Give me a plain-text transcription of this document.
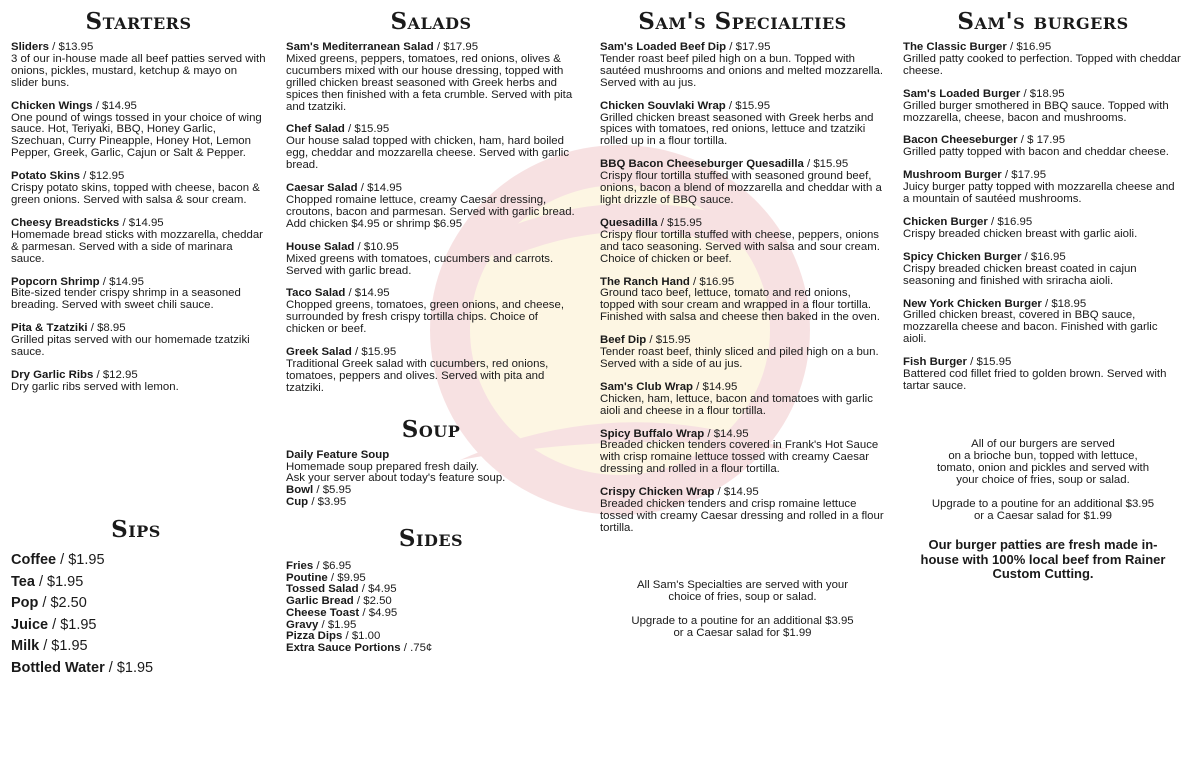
Starters
Sliders / $13.95
3 of our in-house made all beef patties served with onions, pickles, mustard, ketchup & mayo on slider buns.
Chicken Wings / $14.95
One pound of wings tossed in your choice of wing sauce. Hot, Teriyaki, BBQ, Honey Garlic, Szechuan, Curry Pineapple, Honey Hot, Lemon Pepper, Greek, Garlic, Cajun or Salt & Pepper.
Potato Skins / $12.95
Crispy potato skins, topped with cheese, bacon & green onions. Served with salsa & sour cream.
Cheesy Breadsticks / $14.95
Homemade bread sticks with mozzarella, cheddar & parmesan. Served with a side of marinara sauce.
Popcorn Shrimp / $14.95
Bite-sized tender crispy shrimp in a seasoned breading. Served with sweet chili sauce.
Pita & Tzatziki / $8.95
Grilled pitas served with our homemade tzatziki sauce.
Dry Garlic Ribs / $12.95
Dry garlic ribs served with lemon.
Sips
Coffee / $1.95
Tea / $1.95
Pop / $2.50
Juice / $1.95
Milk / $1.95
Bottled Water / $1.95
Salads
Sam's Mediterranean Salad / $17.95
Mixed greens, peppers, tomatoes, red onions, olives & cucumbers mixed with our house dressing, topped with grilled chicken breast seasoned with Greek herbs and spices then finished with a feta crumble. Served with pita and tzatziki.
Chef Salad / $15.95
Our house salad topped with chicken, ham, hard boiled egg, cheddar and mozzarella cheese. Served with garlic bread.
Caesar Salad / $14.95
Chopped romaine lettuce, creamy Caesar dressing, croutons, bacon and parmesan. Served with garlic bread. Add chicken $4.95 or shrimp $6.95
House Salad / $10.95
Mixed greens with tomatoes, cucumbers and carrots. Served with garlic bread.
Taco Salad / $14.95
Chopped greens, tomatoes, green onions, and cheese, surrounded by fresh crispy tortilla chips. Choice of chicken or beef.
Greek Salad / $15.95
Traditional Greek salad with cucumbers, red onions, tomatoes, peppers and olives. Served with pita and tzatziki.
Soup
Daily Feature Soup
Homemade soup prepared fresh daily.
Ask your server about today's feature soup.
Bowl / $5.95
Cup / $3.95
Sides
Fries / $6.95
Poutine / $9.95
Tossed Salad / $4.95
Garlic Bread / $2.50
Cheese Toast / $4.95
Gravy / $1.95
Pizza Dips / $1.00
Extra Sauce Portions / .75¢
Sam's Specialties
Sam's Loaded Beef Dip / $17.95
Tender roast beef piled high on a bun. Topped with sautéed mushrooms and onions and melted mozzarella. Served with au jus.
Chicken Souvlaki Wrap / $15.95
Grilled chicken breast seasoned with Greek herbs and spices with tomatoes, red onions, lettuce and tzatziki rolled up in a flour tortilla.
BBQ Bacon Cheeseburger Quesadilla / $15.95
Crispy flour tortilla stuffed with seasoned ground beef, onions, bacon a blend of mozzarella and cheddar with a light drizzle of BBQ sauce.
Quesadilla / $15.95
Crispy flour tortilla stuffed with cheese, peppers, onions and taco seasoning. Served with salsa and sour cream. Choice of chicken or beef.
The Ranch Hand / $16.95
Ground taco beef, lettuce, tomato and red onions, topped with sour cream and wrapped in a flour tortilla. Finished with salsa and cheese then baked in the oven.
Beef Dip / $15.95
Tender roast beef, thinly sliced and piled high on a bun. Served with a side of au jus.
Sam's Club Wrap / $14.95
Chicken, ham, lettuce, bacon and tomatoes with garlic aioli and cheese in a flour tortilla.
Spicy Buffalo Wrap / $14.95
Breaded chicken tenders covered in Frank's Hot Sauce with crisp romaine lettuce tossed with creamy Caesar dressing and rolled in a flour tortilla.
Crispy Chicken Wrap / $14.95
Breaded chicken tenders and crisp romaine lettuce tossed with creamy Caesar dressing and rolled in a flour tortilla.
All Sam's Specialties are served with your
choice of fries, soup or salad.
Upgrade to a poutine for an additional $3.95
or a Caesar salad for $1.99
Sam's burgers
The Classic Burger / $16.95
Grilled patty cooked to perfection. Topped with cheddar cheese.
Sam's Loaded Burger / $18.95
Grilled burger smothered in BBQ sauce. Topped with mozzarella, cheese, bacon and mushrooms.
Bacon Cheeseburger / $ 17.95
Grilled patty topped with bacon and cheddar cheese.
Mushroom Burger / $17.95
Juicy burger patty topped with mozzarella cheese and a mountain of sautéed mushrooms.
Chicken Burger / $16.95
Crispy breaded chicken breast with garlic aioli.
Spicy Chicken Burger / $16.95
Crispy breaded chicken breast coated in cajun seasoning and finished with sriracha aioli.
New York Chicken Burger / $18.95
Grilled chicken breast, covered in BBQ sauce, mozzarella cheese and bacon. Finished with garlic aioli.
Fish Burger / $15.95
Battered cod fillet fried to golden brown. Served with tartar sauce.
All of our burgers are served
on a brioche bun, topped with lettuce,
tomato, onion and pickles and served with
your choice of fries, soup or salad.
Upgrade to a poutine for an additional $3.95
or a Caesar salad for $1.99
Our burger patties are fresh made in-house with 100% local beef from Rainer Custom Cutting.
